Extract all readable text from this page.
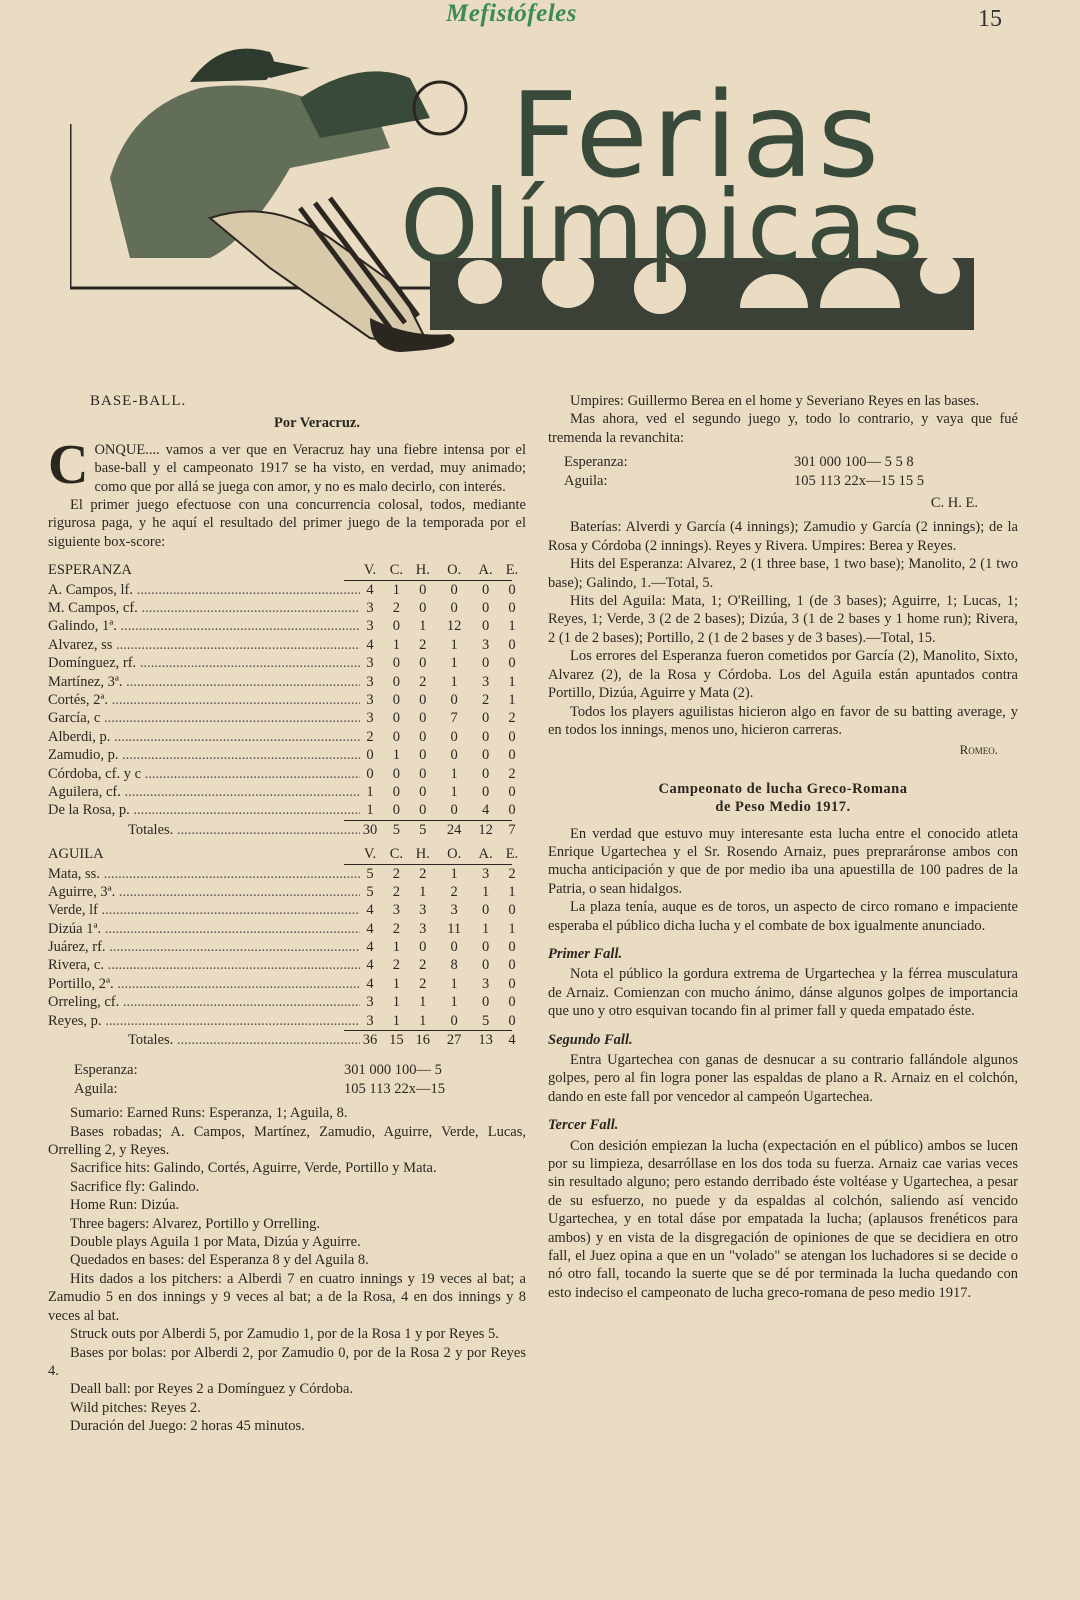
Mefistófeles	15
Ferias
Olímpicas
BASE-BALL.
Por Veracruz.

CONQUE.... vamos a ver que en Veracruz hay una fiebre intensa por el base-ball y el campeonato 1917 se ha visto, en verdad, muy animado; como que por allá se juega con amor, y no es malo decirlo, con interés.

El primer juego efectuose con una concurrencia colosal, todos, mediante rigurosa paga, y he aquí el resultado del primer juego de la temporada por el siguiente box-score:

ESPERANZA	V. C. H.	O.	A. E.
A. Campos, lf. .....	4	1	0	0	0	0
M. Campos, cf. .....	3	2	0	0	0	0
Galindo, 1ª. .....	3	0	1	12	0	1
Alvarez, ss .....	4	1	2	1	3	0
Domínguez, rf. .....	3	0	0	1	0	0
Martínez, 3ª. .....	3	0	2	1	3	1
Cortés, 2ª. .....	3	0	0	0	2	1
García, c .....	3	0	0	7	0	2
Alberdi, p. .....	2	0	0	0	0	0
Zamudio, p. .....	0	1	0	0	0	0
Córdoba, cf. y c .....	0	0	0	1	0	2
Aguilera, cf. .....	1	0	0	1	0	0
De la Rosa, p. .....	1	0	0	0	4	0
Totales. .....	30	5	5	24	12	7
AGUILA	V. C. H.	O.	A. E.
Mata, ss. .....	5	2	2	1	3	2
Aguirre, 3ª. .....	5	2	1	2	1	1
Verde, lf .....	4	3	3	3	0	0
Dizúa 1ª. .....	4	2	3	11	1	1
Juárez, rf. .....	4	1	0	0	0	0
Rivera, c. .....	4	2	2	8	0	0
Portillo, 2ª. .....	4	1	2	1	3	0
Orreling, cf. .....	3	1	1	1	0	0
Reyes, p. .....	3	1	1	0	5	0
Totales. .....	36 15 16	27	13	4
Esperanza:	301 000 100— 5
Aguila:	105 113 22x—15

Sumario: Earned Runs: Esperanza, 1; Aguila, 8.

Bases robadas; A. Campos, Martínez, Zamudio, Aguirre, Verde, Lucas, Orrelling 2, y Reyes.

Sacrifice hits: Galindo, Cortés, Aguirre, Verde, Portillo y Mata.

Sacrifice fly: Galindo.

Home Run: Dizúa.

Three bagers: Alvarez, Portillo y Orrelling.

Double plays Aguila 1 por Mata, Dizúa y Aguirre.

Quedados en bases: del Esperanza 8 y del Aguila 8.

Hits dados a los pitchers: a Alberdi 7 en cuatro innings y 19 veces al bat; a Zamudio 5 en dos innings y 9 veces al bat; a de la Rosa, 4 en dos innings y 8 veces al bat.

Struck outs por Alberdi 5, por Zamudio 1, por de la Rosa 1 y por Reyes 5.

Bases por bolas: por Alberdi 2, por Zamudio 0, por de la Rosa 2 y por Reyes 4.

Deall ball: por Reyes 2 a Domínguez y Córdoba.

Wild pitches: Reyes 2.

Duración del Juego: 2 horas 45 minutos.

Umpires: Guillermo Berea en el home y Severiano Reyes en las bases.

Mas ahora, ved el segundo juego y, todo lo contrario, y vaya que fué tremenda la revanchita:

Esperanza:	301 000 100— 5 5 8
Aguila:	105 113 22x—15 15 5
C. H. E.

Baterías: Alverdi y García (4 innings); Zamudio y García (2 innings); de la Rosa y Córdoba (2 innings). Reyes y Rivera. Umpires: Berea y Reyes.

Hits del Esperanza: Alvarez, 2 (1 three base, 1 two base); Manolito, 2 (1 two base); Galindo, 1.—Total, 5.

Hits del Aguila: Mata, 1; O'Reilling, 1 (de 3 bases); Aguirre, 1; Lucas, 1; Reyes, 1; Verde, 3 (2 de 2 bases); Dizúa, 3 (1 de 2 bases y 1 home run); Rivera, 2 (1 de 2 bases); Portillo, 2 (1 de 2 bases y de 3 bases).—Total, 15.

Los errores del Esperanza fueron cometidos por García (2), Manolito, Sixto, Alvarez (2), de la Rosa y Córdoba. Los del Aguila están apuntados contra Portillo, Dizúa, Aguirre y Mata (2).

Todos los players aguilistas hicieron algo en favor de su batting average, y en todos los innings, menos uno, hicieron carreras.

Romeo.
Campeonato de lucha Greco-Romana
de Peso Medio 1917.

En verdad que estuvo muy interesante esta lucha entre el conocido atleta Enrique Ugartechea y el Sr. Rosendo Arnaiz, pues prepraráronse ambos con mucha anticipación y que de por medio iba una apuestilla de 100 padres de la Patria, o sean hidalgos.

La plaza tenía, auque es de toros, un aspecto de circo romano e impaciente esperaba el público dicha lucha y el combate de box igualmente anunciado.

Primer Fall.

Nota el público la gordura extrema de Urgartechea y la férrea musculatura de Arnaiz. Comienzan con mucho ánimo, dánse algunos golpes de importancia que uno y otro esquivan tocando fin al primer fall y queda empatado éste.

Segundo Fall.

Entra Ugartechea con ganas de desnucar a su contrario fallándole algunos golpes, pero al fin logra poner las espaldas de plano a R. Arnaiz en el colchón, dando en este fall por vencedor al campeón Ugartechea.

Tercer Fall.

Con desición empiezan la lucha (expectación en el público) ambos se lucen por su limpieza, desarróllase en los dos toda su fuerza. Arnaiz cae varias veces sin resultado alguno; pero estando derribado éste voltéase y Ugartechea, a pesar de su esfuerzo, no puede y da espaldas al colchón, saliendo así vencido Ugartechea, y en total dáse por empatada la lucha; (aplausos frenéticos para ambos) y en vista de la disgregación de opiniones de que se decidiera en otro fall, el Juez opina a que en un "volado" se atengan los luchadores si se decide o nó otro fall, tocando la suerte que se dé por terminada la lucha quedando con esto indeciso el campeonato de lucha greco-romana de peso medio 1917.
